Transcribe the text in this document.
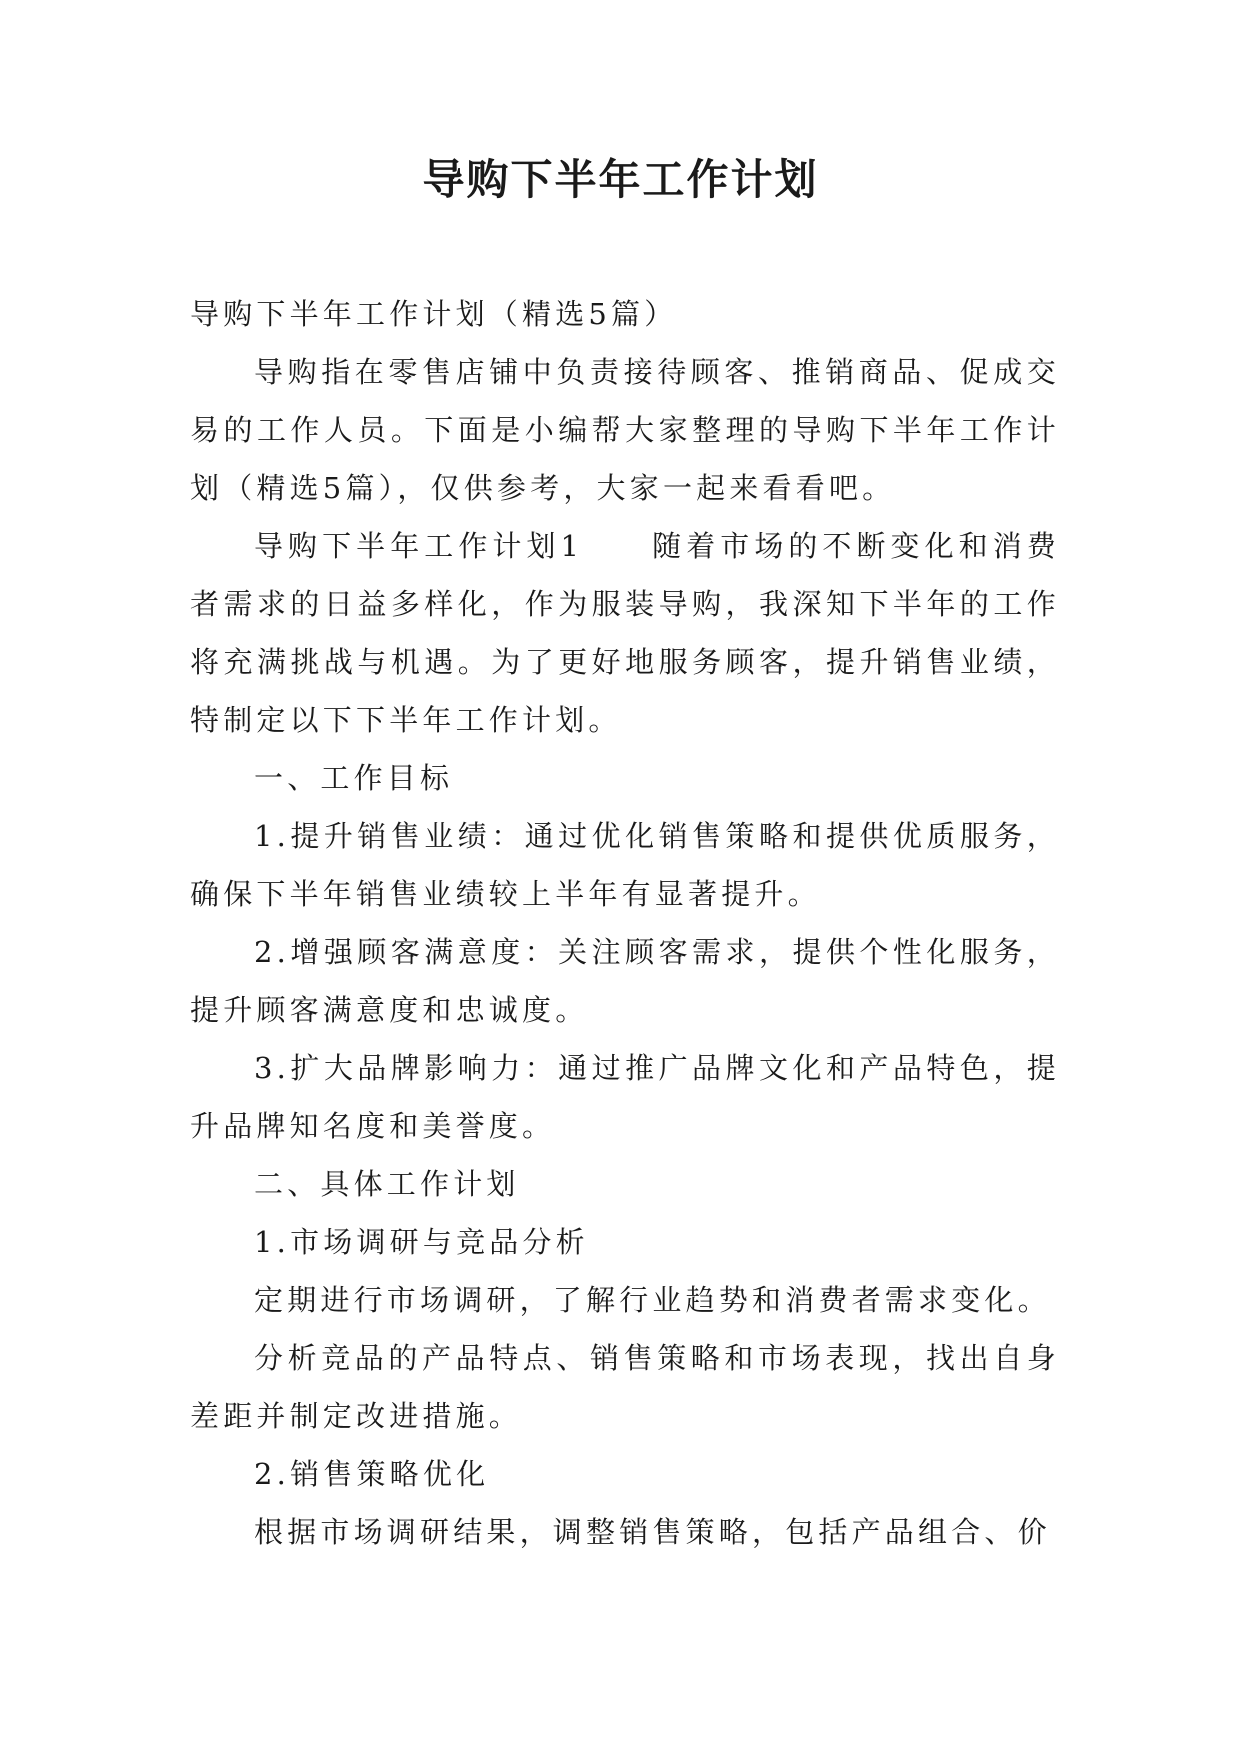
导购下半年工作计划

导购下半年工作计划（精选5篇）

导购指在零售店铺中负责接待顾客、推销商品、促成交易的工作人员。下面是小编帮大家整理的导购下半年工作计划（精选5篇），仅供参考，大家一起来看看吧。

导购下半年工作计划1　　随着市场的不断变化和消费者需求的日益多样化，作为服装导购，我深知下半年的工作将充满挑战与机遇。为了更好地服务顾客，提升销售业绩，特制定以下下半年工作计划。

一、工作目标

1.提升销售业绩：通过优化销售策略和提供优质服务，确保下半年销售业绩较上半年有显著提升。

2.增强顾客满意度：关注顾客需求，提供个性化服务，提升顾客满意度和忠诚度。

3.扩大品牌影响力：通过推广品牌文化和产品特色，提升品牌知名度和美誉度。

二、具体工作计划

1.市场调研与竞品分析

定期进行市场调研，了解行业趋势和消费者需求变化。

分析竞品的产品特点、销售策略和市场表现，找出自身差距并制定改进措施。

2.销售策略优化

根据市场调研结果，调整销售策略，包括产品组合、价
